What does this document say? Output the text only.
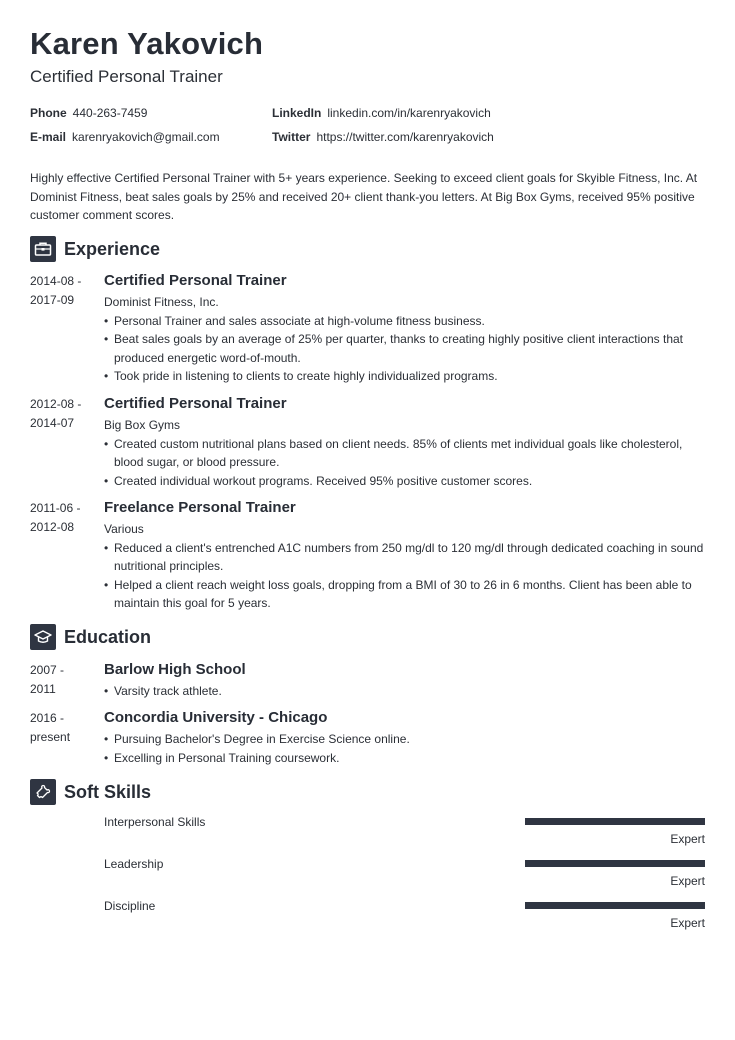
Karen Yakovich
Certified Personal Trainer
Phone 440-263-7459	LinkedIn linkedin.com/in/karenryakovich
E-mail karenryakovich@gmail.com	Twitter https://twitter.com/karenryakovich
Highly effective Certified Personal Trainer with 5+ years experience. Seeking to exceed client goals for Skyible Fitness, Inc. At Dominist Fitness, beat sales goals by 25% and received 20+ client thank-you letters. At Big Box Gyms, received 95% positive customer comment scores.
Experience
2014-08 -
2017-09
Certified Personal Trainer
Dominist Fitness, Inc.
• Personal Trainer and sales associate at high-volume fitness business.
• Beat sales goals by an average of 25% per quarter, thanks to creating highly positive client interactions that produced energetic word-of-mouth.
• Took pride in listening to clients to create highly individualized programs.
2012-08 -
2014-07
Certified Personal Trainer
Big Box Gyms
• Created custom nutritional plans based on client needs. 85% of clients met individual goals like cholesterol, blood sugar, or blood pressure.
• Created individual workout programs. Received 95% positive customer scores.
2011-06 -
2012-08
Freelance Personal Trainer
Various
• Reduced a client's entrenched A1C numbers from 250 mg/dl to 120 mg/dl through dedicated coaching in sound nutritional principles.
• Helped a client reach weight loss goals, dropping from a BMI of 30 to 26 in 6 months. Client has been able to maintain this goal for 5 years.
Education
2007 -
2011
Barlow High School
• Varsity track athlete.
2016 -
present
Concordia University - Chicago
• Pursuing Bachelor's Degree in Exercise Science online.
• Excelling in Personal Training coursework.
Soft Skills
Interpersonal Skills
Expert
Leadership
Expert
Discipline
Expert
